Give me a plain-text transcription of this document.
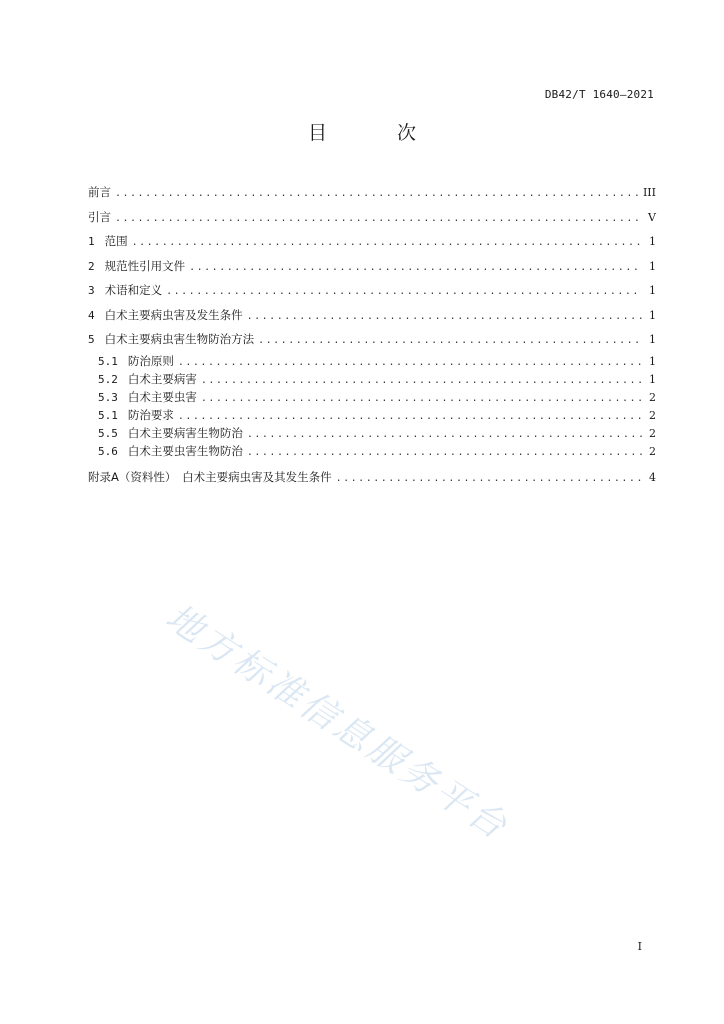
DB42/T 1640—2021
目 次
前言 .....	III
引言 .....	V
1 范围 .....	1
2 规范性引用文件 .....	1
3 术语和定义 .....	1
4 白术主要病虫害及发生条件 .....	1
5 白术主要病虫害生物防治方法 .....	1
5.1 防治原则 .....	1
5.2 白术主要病害 .....	1
5.3 白术主要虫害 .....	2
5.1 防治要求 .....	2
5.5 白术主要病害生物防治 .....	2
5.6 白术主要虫害生物防治 .....	2
附录A（资料性）　白术主要病虫害及其发生条件 .....	4
地方标准信息服务平台
I
